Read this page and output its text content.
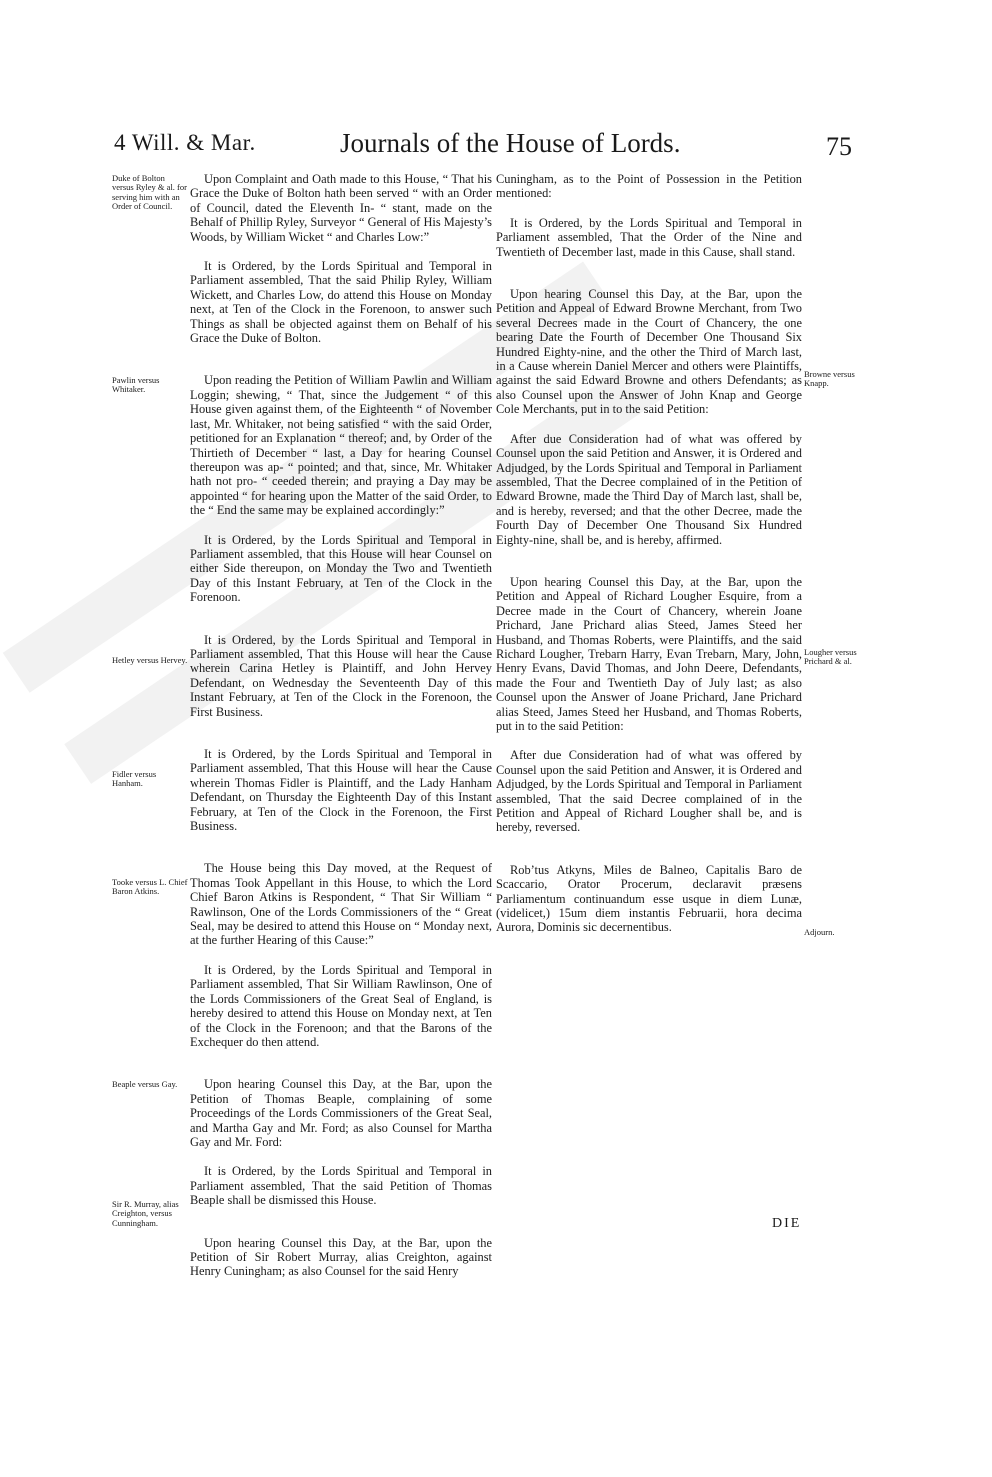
4 Will. & Mar.	Journals of the House of Lords.	75

Upon Complaint and Oath made to this House, “ That his Grace the Duke of Bolton hath been served “ with an Order of Council, dated the Eleventh In- “ stant, made on the Behalf of Phillip Ryley, Surveyor “ General of His Majesty’s Woods, by William Wicket “ and Charles Low:”

It is Ordered, by the Lords Spiritual and Temporal in Parliament assembled, That the said Philip Ryley, William Wickett, and Charles Low, do attend this House on Monday next, at Ten of the Clock in the Forenoon, to answer such Things as shall be objected against them on Behalf of his Grace the Duke of Bolton.

Upon reading the Petition of William Pawlin and William Loggin; shewing, “ That, since the Judgement “ of this House given against them, of the Eighteenth “ of November last, Mr. Whitaker, not being satisfied “ with the said Order, petitioned for an Explanation “ thereof; and, by Order of the Thirtieth of December “ last, a Day for hearing Counsel thereupon was ap- “ pointed; and that, since, Mr. Whitaker hath not pro- “ ceeded therein; and praying a Day may be appointed “ for hearing upon the Matter of the said Order, to the “ End the same may be explained accordingly:”

It is Ordered, by the Lords Spiritual and Temporal in Parliament assembled, that this House will hear Counsel on either Side thereupon, on Monday the Two and Twentieth Day of this Instant February, at Ten of the Clock in the Forenoon.

It is Ordered, by the Lords Spiritual and Temporal in Parliament assembled, That this House will hear the Cause wherein Carina Hetley is Plaintiff, and John Hervey Defendant, on Wednesday the Seventeenth Day of this Instant February, at Ten of the Clock in the Forenoon, the First Business.

It is Ordered, by the Lords Spiritual and Temporal in Parliament assembled, That this House will hear the Cause wherein Thomas Fidler is Plaintiff, and the Lady Hanham Defendant, on Thursday the Eighteenth Day of this Instant February, at Ten of the Clock in the Forenoon, the First Business.

The House being this Day moved, at the Request of Thomas Took Appellant in this House, to which the Lord Chief Baron Atkins is Respondent, “ That Sir William “ Rawlinson, One of the Lords Commissioners of the “ Great Seal, may be desired to attend this House on “ Monday next, at the further Hearing of this Cause:”

It is Ordered, by the Lords Spiritual and Temporal in Parliament assembled, That Sir William Rawlinson, One of the Lords Commissioners of the Great Seal of England, is hereby desired to attend this House on Monday next, at Ten of the Clock in the Forenoon; and that the Barons of the Exchequer do then attend.

Upon hearing Counsel this Day, at the Bar, upon the Petition of Thomas Beaple, complaining of some Proceedings of the Lords Commissioners of the Great Seal, and Martha Gay and Mr. Ford; as also Counsel for Martha Gay and Mr. Ford:

It is Ordered, by the Lords Spiritual and Temporal in Parliament assembled, That the said Petition of Thomas Beaple shall be dismissed this House.

Upon hearing Counsel this Day, at the Bar, upon the Petition of Sir Robert Murray, alias Creighton, against Henry Cuningham; as also Counsel for the said Henry

Duke of Bolton versus Ryley & al. for serving him with an Order of Council.
Pawlin versus Whitaker.
Hetley versus Hervey.
Fidler versus Hanham.
Tooke versus L. Chief Baron Atkins.
Beaple versus Gay.
Sir R. Murray, alias Creighton, versus Cunningham.

Cuningham, as to the Point of Possession in the Petition mentioned:

It is Ordered, by the Lords Spiritual and Temporal in Parliament assembled, That the Order of the Nine and Twentieth of December last, made in this Cause, shall stand.

Upon hearing Counsel this Day, at the Bar, upon the Petition and Appeal of Edward Browne Merchant, from Two several Decrees made in the Court of Chancery, the one bearing Date the Fourth of December One Thousand Six Hundred Eighty-nine, and the other the Third of March last, in a Cause wherein Daniel Mercer and others were Plaintiffs, against the said Edward Browne and others Defendants; as also Counsel upon the Answer of John Knap and George Cole Merchants, put in to the said Petition:

After due Consideration had of what was offered by Counsel upon the said Petition and Answer, it is Ordered and Adjudged, by the Lords Spiritual and Temporal in Parliament assembled, That the Decree complained of in the Petition of Edward Browne, made the Third Day of March last, shall be, and is hereby, reversed; and that the other Decree, made the Fourth Day of December One Thousand Six Hundred Eighty-nine, shall be, and is hereby, affirmed.

Upon hearing Counsel this Day, at the Bar, upon the Petition and Appeal of Richard Lougher Esquire, from a Decree made in the Court of Chancery, wherein Joane Prichard, Jane Prichard alias Steed, James Steed her Husband, and Thomas Roberts, were Plaintiffs, and the said Richard Lougher, Trebarn Harry, Evan Trebarn, Mary, John, Henry Evans, David Thomas, and John Deere, Defendants, made the Four and Twentieth Day of July last; as also Counsel upon the Answer of Joane Prichard, Jane Prichard alias Steed, James Steed her Husband, and Thomas Roberts, put in to the said Petition:

After due Consideration had of what was offered by Counsel upon the said Petition and Answer, it is Ordered and Adjudged, by the Lords Spiritual and Temporal in Parliament assembled, That the said Decree complained of in the Petition and Appeal of Richard Lougher shall be, and is hereby, reversed.

Rob’tus Atkyns, Miles de Balneo, Capitalis Baro de Scaccario, Orator Procerum, declaravit præsens Parliamentum continuandum esse usque in diem Lunæ, (videlicet,) 15um diem instantis Februarii, hora decima Aurora, Dominis sic decernentibus.

Browne versus Knapp.
Lougher versus Prichard & al.
Adjourn.
DIE
